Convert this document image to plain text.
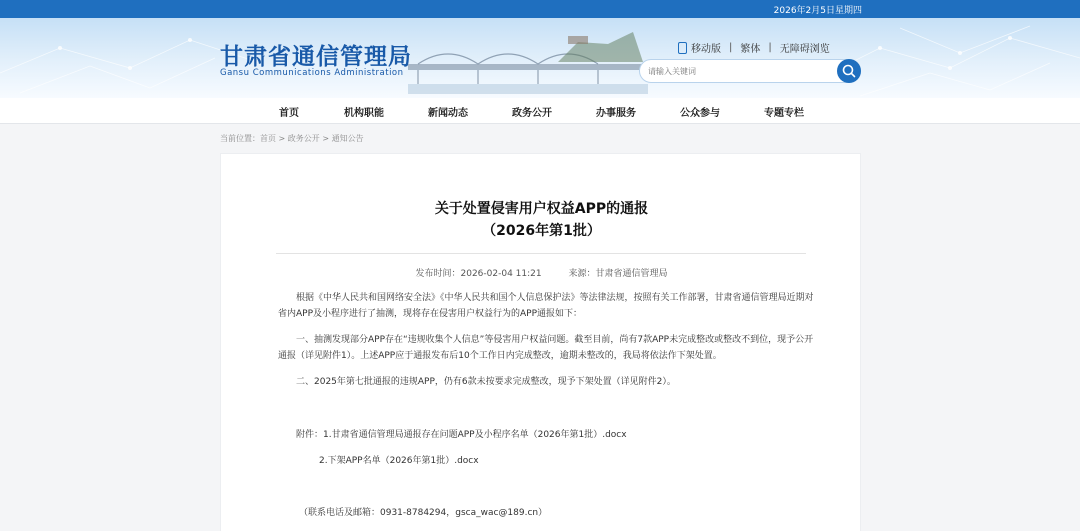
2026年2月5日星期四
甘肃省通信管理局
Gansu Communications Administration
移动版 | 繁体 | 无障碍浏览
请输入关键词
首页	机构职能	新闻动态	政务公开	办事服务	公众参与	专题专栏
当前位置：首页 > 政务公开 > 通知公告
关于处置侵害用户权益APP的通报
（2026年第1批）
发布时间：2026-02-04 11:21	来源：甘肃省通信管理局

根据《中华人民共和国网络安全法》《中华人民共和国个人信息保护法》等法律法规，按照有关工作部署，甘肃省通信管理局近期对省内APP及小程序进行了抽测，现将存在侵害用户权益行为的APP通报如下：

一、抽测发现部分APP存在“违规收集个人信息”等侵害用户权益问题。截至目前，尚有7款APP未完成整改或整改不到位，现予公开通报（详见附件1）。上述APP应于通报发布后10个工作日内完成整改，逾期未整改的，我局将依法作下架处置。

二、2025年第七批通报的违规APP，仍有6款未按要求完成整改，现予下架处置（详见附件2）。

附件：1.甘肃省通信管理局通报存在问题APP及小程序名单（2026年第1批）.docx

2.下架APP名单（2026年第1批）.docx

（联系电话及邮箱：0931-8784294，gsca_wac@189.cn）
